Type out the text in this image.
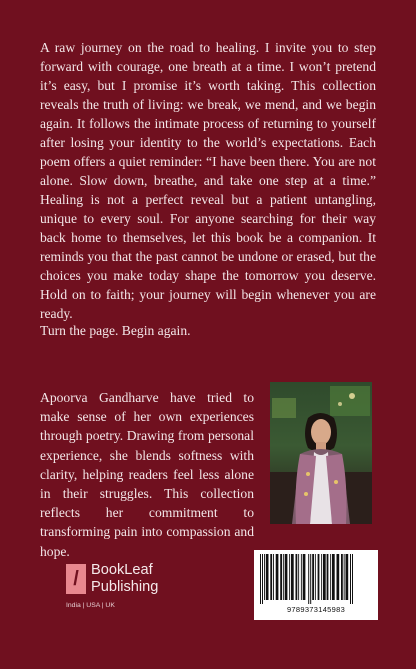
A raw journey on the road to healing. I invite you to step forward with courage, one breath at a time. I won’t pretend it’s easy, but I promise it’s worth taking. This collection reveals the truth of living: we break, we mend, and we begin again. It follows the intimate process of returning to yourself after losing your identity to the world’s expectations. Each poem offers a quiet reminder: “I have been there. You are not alone. Slow down, breathe, and take one step at a time.” Healing is not a perfect reveal but a patient untangling, unique to every soul. For anyone searching for their way back home to themselves, let this book be a companion. It reminds you that the past cannot be undone or erased, but the choices you make today shape the tomorrow you deserve. Hold on to faith; your journey will begin whenever you are ready.

Turn the page. Begin again.

Apoorva Gandharve have tried to make sense of her own experiences through poetry. Drawing from personal experience, she blends softness with clarity, helping readers feel less alone in their struggles. This collection reflects her commitment to transforming pain into compassion and hope.

/ BookLeaf Publishing
India | USA | UK	9789373145983
